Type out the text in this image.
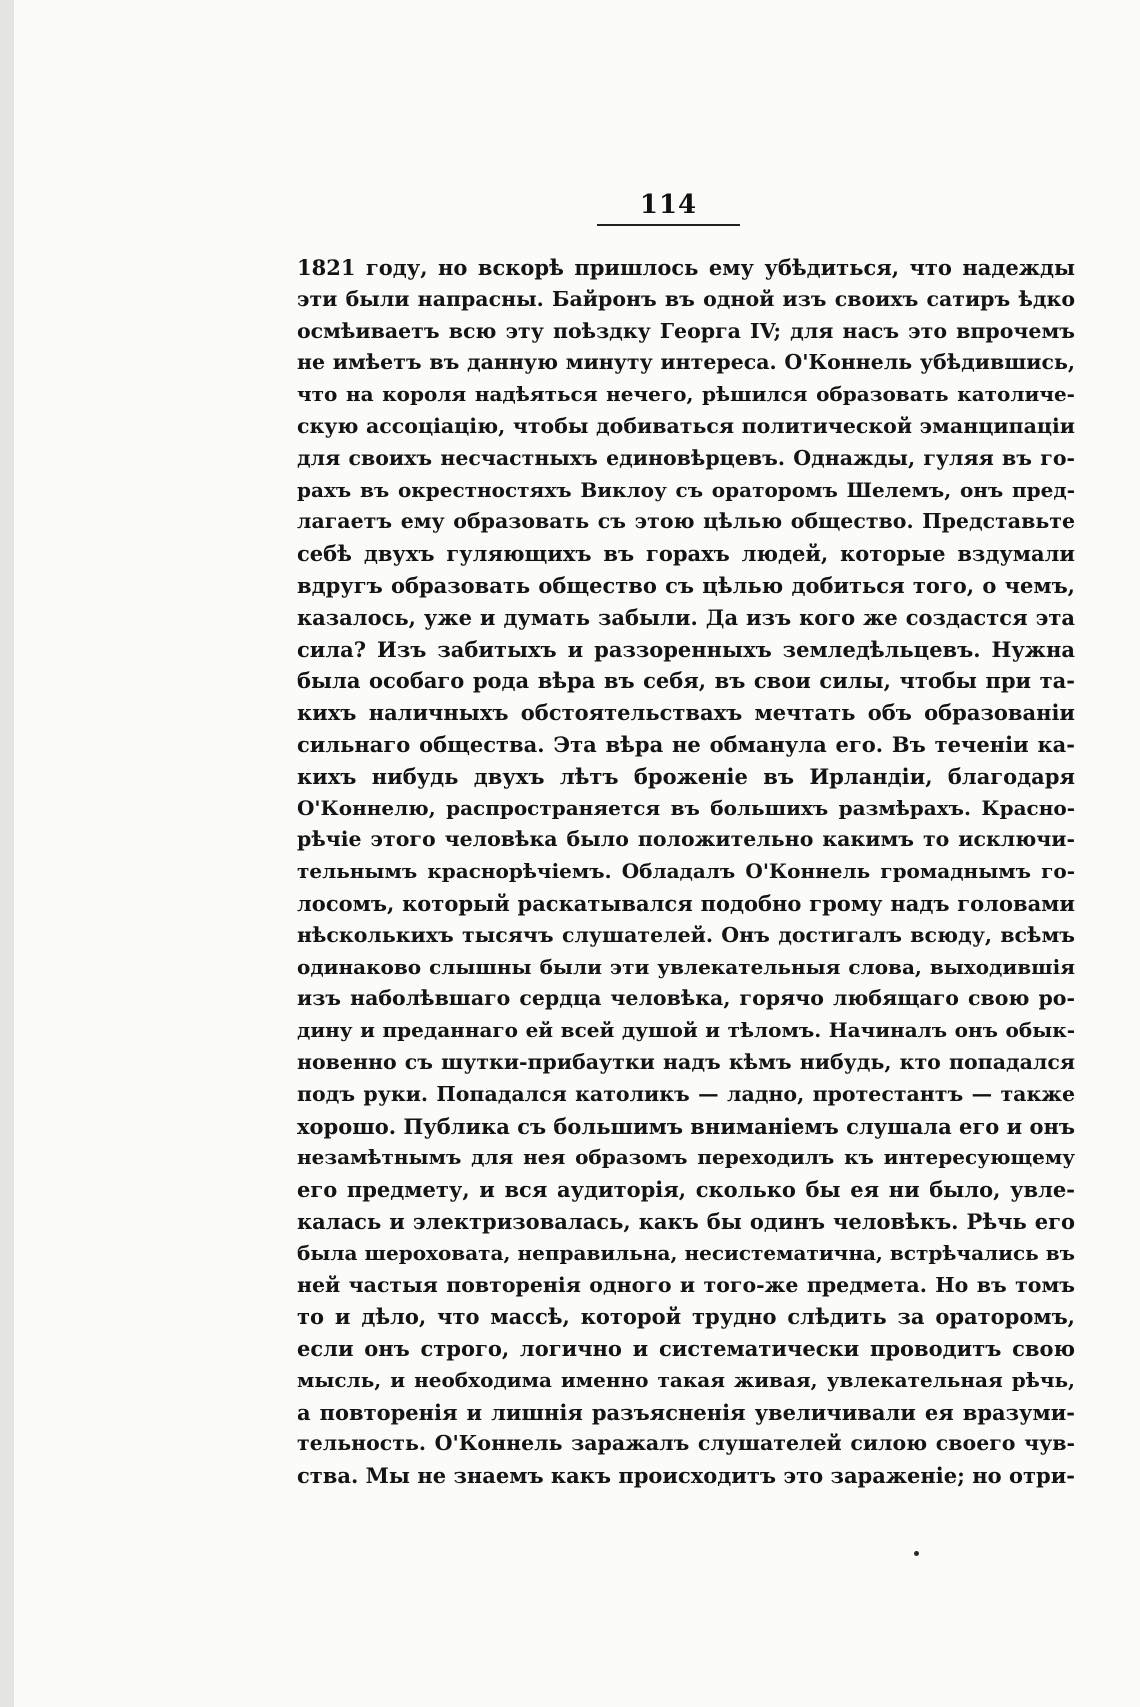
114
1821 году, но вскорѣ пришлось ему убѣдиться, что надежды
эти были напрасны. Байронъ въ одной изъ своихъ сатиръ ѣдко
осмѣиваетъ всю эту поѣздку Георга IV; для насъ это впрочемъ
не имѣетъ въ данную минуту интереса. О'Коннель убѣдившись,
что на короля надѣяться нечего, рѣшился образовать католиче-
скую ассоціацію, чтобы добиваться политической эманципаціи
для своихъ несчастныхъ единовѣрцевъ. Однажды, гуляя въ го-
рахъ въ окрестностяхъ Виклоу съ ораторомъ Шелемъ, онъ пред-
лагаетъ ему образовать съ этою цѣлью общество. Представьте
себѣ двухъ гуляющихъ въ горахъ людей, которые вздумали
вдругъ образовать общество съ цѣлью добиться того, о чемъ,
казалось, уже и думать забыли. Да изъ кого же создастся эта
сила? Изъ забитыхъ и раззоренныхъ земледѣльцевъ. Нужна
была особаго рода вѣра въ себя, въ свои силы, чтобы при та-
кихъ наличныхъ обстоятельствахъ мечтать объ образованіи
сильнаго общества. Эта вѣра не обманула его. Въ теченіи ка-
кихъ нибудь двухъ лѣтъ броженіе въ Ирландіи, благодаря
О'Коннелю, распространяется въ большихъ размѣрахъ. Красно-
рѣчіе этого человѣка было положительно какимъ то исключи-
тельнымъ краснорѣчіемъ. Обладалъ О'Коннель громаднымъ го-
лосомъ, который раскатывался подобно грому надъ головами
нѣсколькихъ тысячъ слушателей. Онъ достигалъ всюду, всѣмъ
одинаково слышны были эти увлекательныя слова, выходившія
изъ наболѣвшаго сердца человѣка, горячо любящаго свою ро-
дину и преданнаго ей всей душой и тѣломъ. Начиналъ онъ обык-
новенно съ шутки-прибаутки надъ кѣмъ нибудь, кто попадался
подъ руки. Попадался католикъ — ладно, протестантъ — также
хорошо. Публика съ большимъ вниманіемъ слушала его и онъ
незамѣтнымъ для нея образомъ переходилъ къ интересующему
его предмету, и вся аудиторія, сколько бы ея ни было, увле-
калась и электризовалась, какъ бы одинъ человѣкъ. Рѣчь его
была шероховата, неправильна, несистематична, встрѣчались въ
ней частыя повторенія одного и того-же предмета. Но въ томъ
то и дѣло, что массѣ, которой трудно слѣдить за ораторомъ,
если онъ строго, логично и систематически проводитъ свою
мысль, и необходима именно такая живая, увлекательная рѣчь,
а повторенія и лишнія разъясненія увеличивали ея вразуми-
тельность. О'Коннель заражалъ слушателей силою своего чув-
ства. Мы не знаемъ какъ происходитъ это зараженіе; но отри-
